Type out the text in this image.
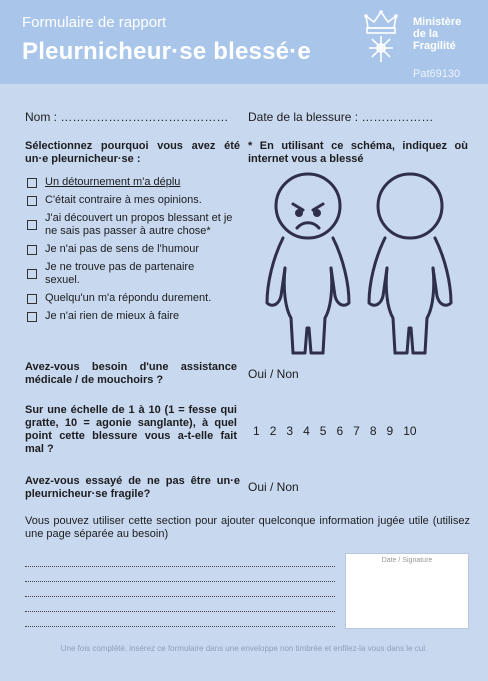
Formulaire de rapport
Pleurnicheur·se blessé·e
Ministère
de la
Fragilité
Pat69130
Nom : …………………………………… Date de la blessure : ………………
Sélectionnez pourquoi vous avez été un·e pleurnicheur·se :
Un détournement m'a déplu
C'était contraire à mes opinions.
J'ai découvert un propos blessant et je ne sais pas passer à autre chose*
Je n'ai pas de sens de l'humour
Je ne trouve pas de partenaire sexuel.
Quelqu'un m'a répondu durement.
Je n'ai rien de mieux à faire
* En utilisant ce schéma, indiquez où internet vous a blessé
Avez-vous besoin d'une assistance médicale / de mouchoirs ?	Oui / Non
Sur une échelle de 1 à 10 (1 = fesse qui gratte, 10 = agonie sanglante), à quel point cette blessure vous a-t-elle fait mal ?
1 2 3 4 5 6 7 8 9 10
Avez-vous essayé de ne pas être un·e pleurnicheur·se fragile?	Oui / Non
Vous pouvez utiliser cette section pour ajouter quelconque information jugée utile (utilisez une page séparée au besoin)
Date / Signature
Une fois complété, insérez ce formulaire dans une enveloppe non timbrée et enfilez-la vous dans le cul.
